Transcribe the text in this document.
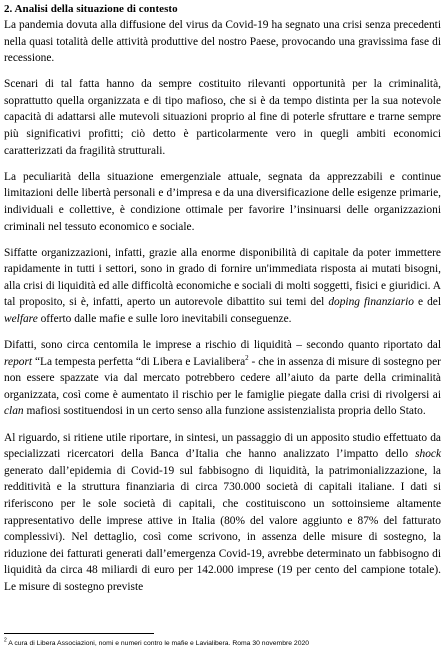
2. Analisi della situazione di contesto

La pandemia dovuta alla diffusione del virus da Covid-19 ha segnato una crisi senza precedenti nella quasi totalità delle attività produttive del nostro Paese, provocando una gravissima fase di recessione.

Scenari di tal fatta hanno da sempre costituito rilevanti opportunità per la criminalità, soprattutto quella organizzata e di tipo mafioso, che si è da tempo distinta per la sua notevole capacità di adattarsi alle mutevoli situazioni proprio al fine di poterle sfruttare e trarne sempre più significativi profitti; ciò detto è particolarmente vero in quegli ambiti economici caratterizzati da fragilità strutturali.

La peculiarità della situazione emergenziale attuale, segnata da apprezzabili e continue limitazioni delle libertà personali e d’impresa e da una diversificazione delle esigenze primarie, individuali e collettive, è condizione ottimale per favorire l’insinuarsi delle organizzazioni criminali nel tessuto economico e sociale.

Siffatte organizzazioni, infatti, grazie alla enorme disponibilità di capitale da poter immettere rapidamente in tutti i settori, sono in grado di fornire un'immediata risposta ai mutati bisogni, alla crisi di liquidità ed alle difficoltà economiche e sociali di molti soggetti, fisici e giuridici. A tal proposito, si è, infatti, aperto un autorevole dibattito sui temi del doping finanziario e del welfare offerto dalle mafie e sulle loro inevitabili conseguenze.

Difatti, sono circa centomila le imprese a rischio di liquidità – secondo quanto riportato dal report “La tempesta perfetta “di Libera e Lavialibera$^2$ - che in assenza di misure di sostegno per non essere spazzate via dal mercato potrebbero cedere all’aiuto da parte della criminalità organizzata, così come è aumentato il rischio per le famiglie piegate dalla crisi di rivolgersi ai clan mafiosi sostituendosi in un certo senso alla funzione assistenzialista propria dello Stato.

Al riguardo, si ritiene utile riportare, in sintesi, un passaggio di un apposito studio effettuato da specializzati ricercatori della Banca d’Italia che hanno analizzato l’impatto dello shock generato dall’epidemia di Covid-19 sul fabbisogno di liquidità, la patrimonializzazione, la redditività e la struttura finanziaria di circa 730.000 società di capitali italiane. I dati si riferiscono per le sole società di capitali, che costituiscono un sottoinsieme altamente rappresentativo delle imprese attive in Italia (80% del valore aggiunto e 87% del fatturato complessivi). Nel dettaglio, così come scrivono, in assenza delle misure di sostegno, la riduzione dei fatturati generati dall’emergenza Covid-19, avrebbe determinato un fabbisogno di liquidità da circa 48 miliardi di euro per 142.000 imprese (19 per cento del campione totale). Le misure di sostegno previste

$^2$ A cura di Libera Associazioni, nomi e numeri contro le mafie e Lavialibera. Roma 30 novembre 2020
